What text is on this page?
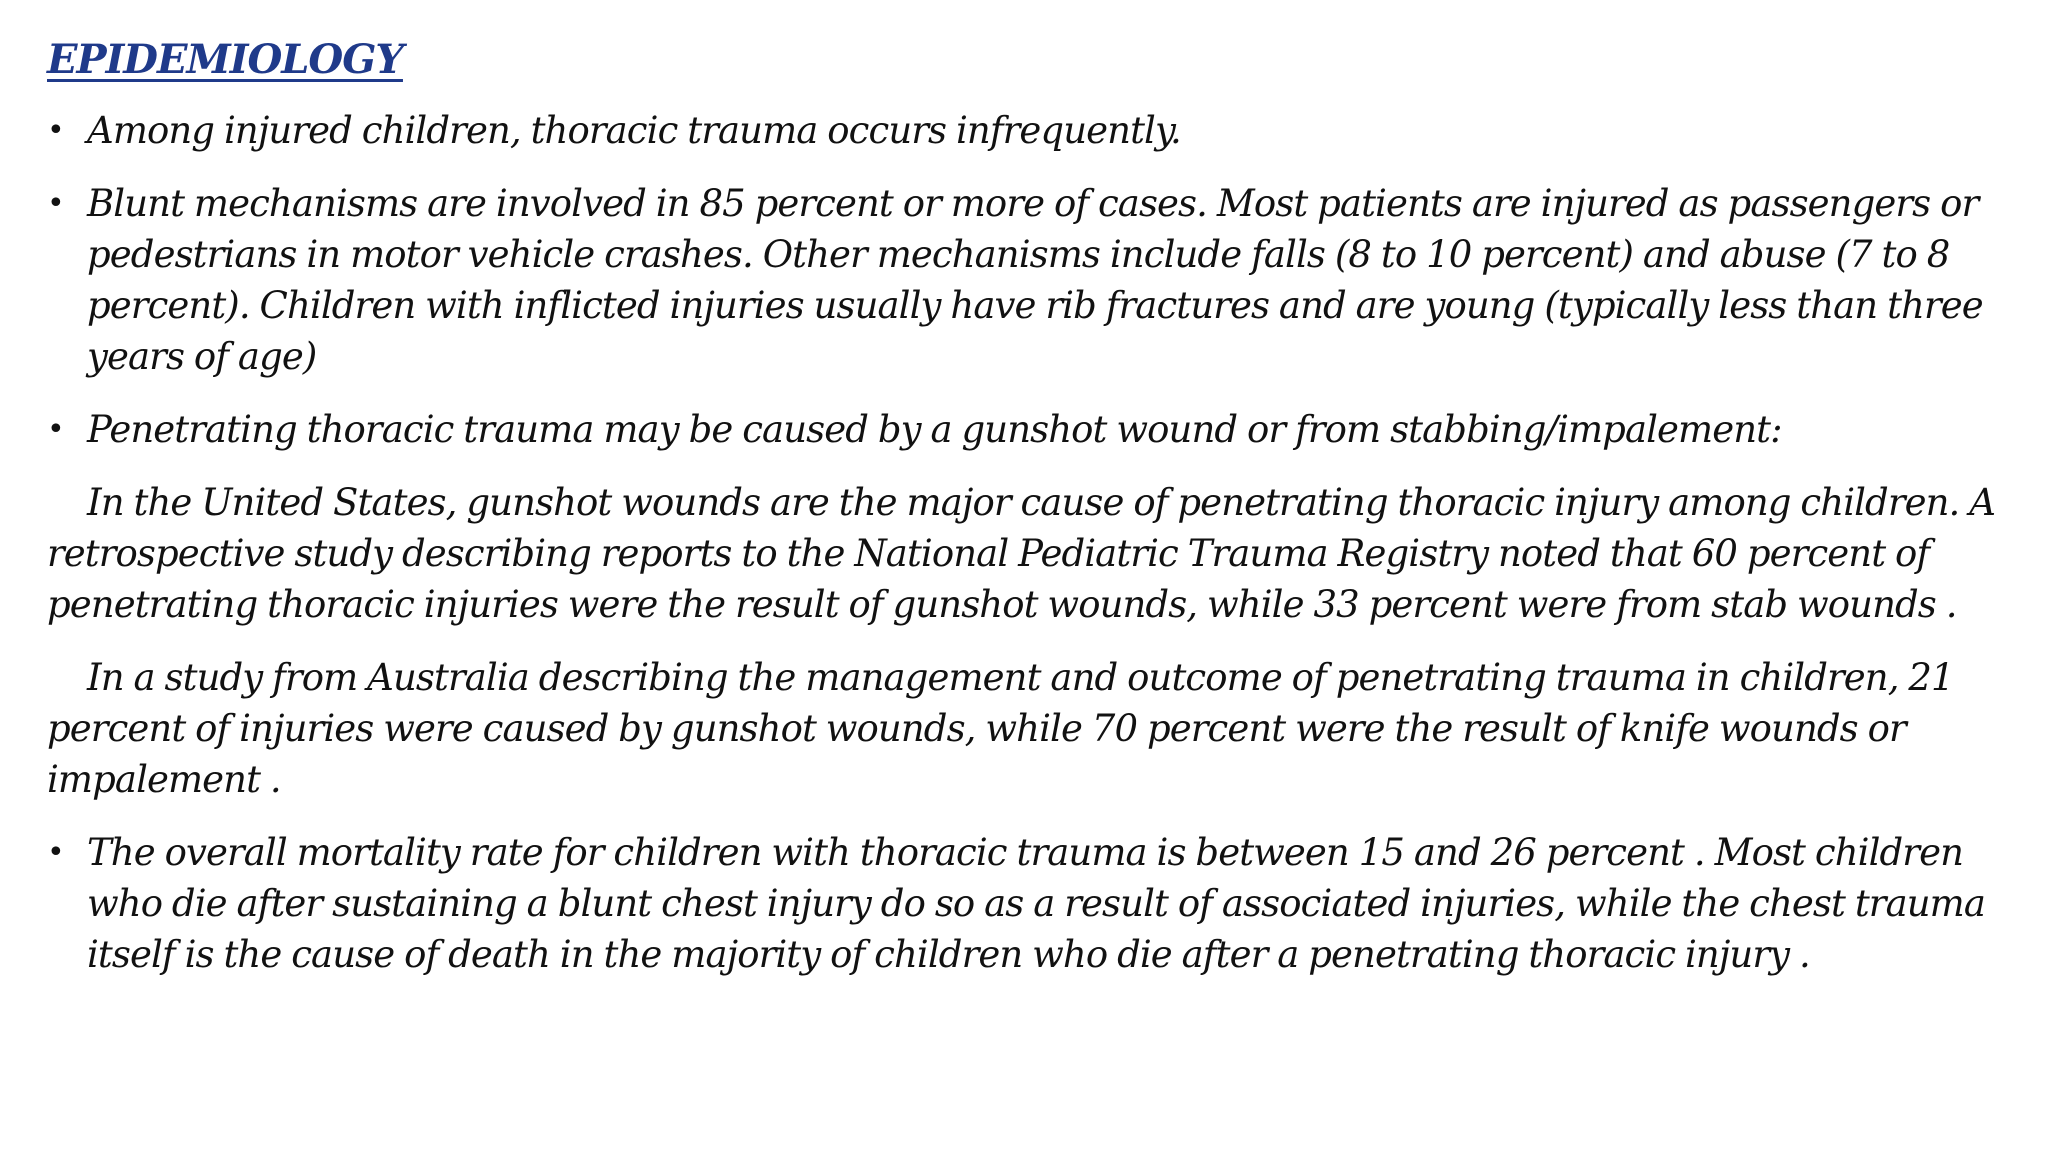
EPIDEMIOLOGY
• Among injured children, thoracic trauma occurs infrequently.
• Blunt mechanisms are involved in 85 percent or more of cases. Most patients are injured as passengers or pedestrians in motor vehicle crashes. Other mechanisms include falls (8 to 10 percent) and abuse (7 to 8 percent). Children with inflicted injuries usually have rib fractures and are young (typically less than three years of age)
• Penetrating thoracic trauma may be caused by a gunshot wound or from stabbing/impalement:

In the United States, gunshot wounds are the major cause of penetrating thoracic injury among children. A retrospective study describing reports to the National Pediatric Trauma Registry noted that 60 percent of penetrating thoracic injuries were the result of gunshot wounds, while 33 percent were from stab wounds .

In a study from Australia describing the management and outcome of penetrating trauma in children, 21 percent of injuries were caused by gunshot wounds, while 70 percent were the result of knife wounds or impalement .

• The overall mortality rate for children with thoracic trauma is between 15 and 26 percent . Most children who die after sustaining a blunt chest injury do so as a result of associated injuries, while the chest trauma itself is the cause of death in the majority of children who die after a penetrating thoracic injury .
